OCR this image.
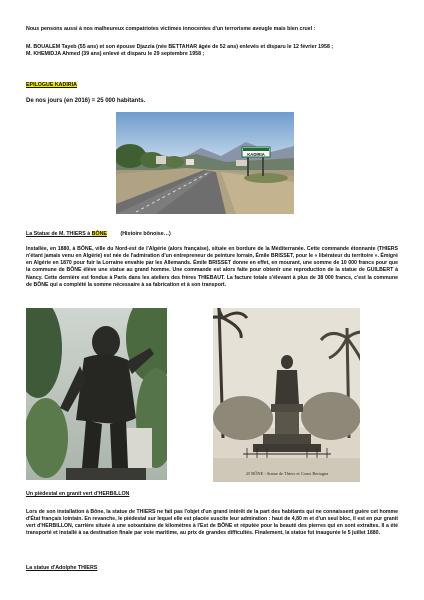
Nous pensons aussi à nos malheureux compatriotes victimes innocentes d'un terrorisme aveugle mais bien cruel :
M. BOUALEM Tayeb (55 ans) et son épouse Djazzia (née BETTAHAR âgée de 52 ans) enlevés et disparu le 12 février 1958 ;
M. KHEMIDJA Ahmed (39 ans) enlevé et disparu le 29 septembre 1958 ;
EPILOGUE KADIRIA
De nos jours (en 2016) = 25 000 habitants.
KADIRIA
La Statue de M. THIERS à BÔNE	(Histoire bônoise…)
Installée, en 1880, à BÔNE, ville du Nord-est de l'Algérie (alors française), située en bordure de la Méditerranée. Cette commande étonnante (THIERS n'étant jamais venu en Algérie) est née de l'admiration d'un entrepreneur de peinture lorrain, Émile BRISSET, pour le « libérateur du territoire ». Émigré en Algérie en 1870 pour fuir la Lorraine envahie par les Allemands. Émile BRISSET donne en effet, en mourant, une somme de 10 000 francs pour que la commune de BÔNE élève une statue au grand homme. Une commande est alors faite pour obtenir une reproduction de la statue de GUILBERT à Nancy. Cette dernière est fondue à Paris dans les ateliers des frères THIEBAUT. La facture totale s'élevant à plus de 38 000 francs, c'est la commune de BÔNE qui a complété la somme nécessaire à sa fabrication et à son transport.
25 BÔNE - Statue de Thiers et Cours Bertagna
Un piédestal en granit vert d'HERBILLON
Lors de son installation à Bône, la statue de THIERS ne fait pas l'objet d'un grand intérêt de la part des habitants qui ne connaissent guère cet homme d'État français lointain. En revanche, le piédestal sur lequel elle est placée suscite leur admiration : haut de 4,80 m et d'un seul bloc, il est en pur granit vert d'HERBILLON, carrière située à une soixantaine de kilomètres à l'Est de BÔNE et réputée pour la beauté des pierres qui en sont extraites. Il a été transporté et installé à sa destination finale par voie maritime, au prix de grandes difficultés. Finalement, la statue fut inaugurée le 5 juillet 1880.
La statue d'Adolphe THIERS
